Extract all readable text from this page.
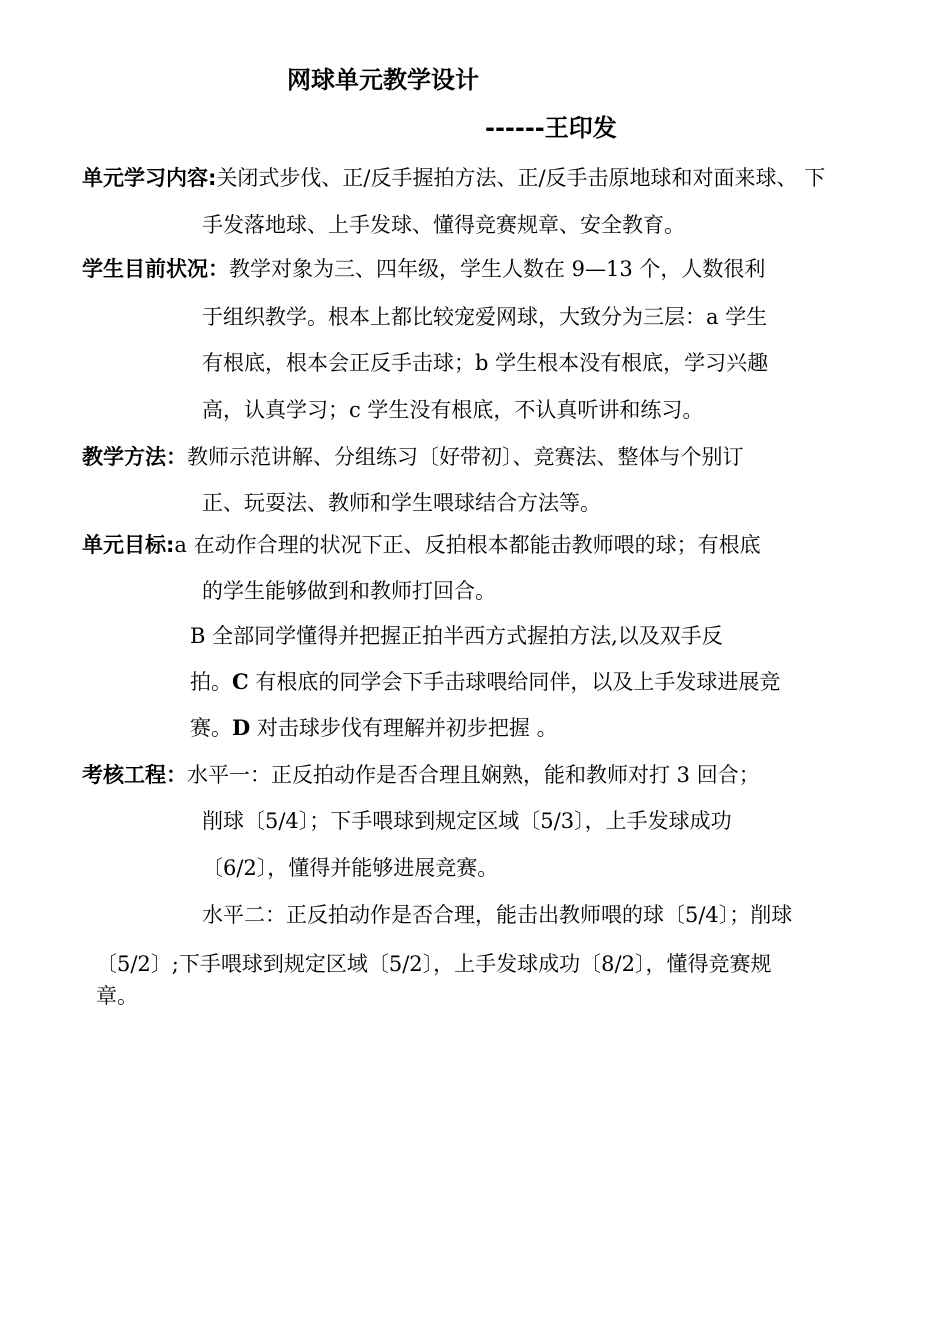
网球单元教学设计
------王印发
单元学习内容:关闭式步伐、正/反手握拍方法、正/反手击原地球和对面来球、 下
手发落地球、上手发球、懂得竞赛规章、安全教育。
学生目前状况：教学对象为三、四年级，学生人数在 9—13 个，人数很利
于组织教学。根本上都比较宠爱网球，大致分为三层：a 学生
有根底，根本会正反手击球；b 学生根本没有根底，学习兴趣
高，认真学习；c 学生没有根底，不认真听讲和练习。
教学方法：教师示范讲解、分组练习〔好带初〕、竞赛法、整体与个别订
正、玩耍法、教师和学生喂球结合方法等。
单元目标:a 在动作合理的状况下正、反拍根本都能击教师喂的球；有根底
的学生能够做到和教师打回合。
B 全部同学懂得并把握正拍半西方式握拍方法,以及双手反
拍。C 有根底的同学会下手击球喂给同伴，以及上手发球进展竞
赛。D 对击球步伐有理解并初步把握 。
考核工程：水平一：正反拍动作是否合理且娴熟，能和教师对打 3 回合；
削球〔5/4〕；下手喂球到规定区域〔5/3〕，上手发球成功
〔6/2〕，懂得并能够进展竞赛。
水平二：正反拍动作是否合理，能击出教师喂的球〔5/4〕；削球
〔5/2〕;下手喂球到规定区域〔5/2〕，上手发球成功〔8/2〕，懂得竞赛规
章。
